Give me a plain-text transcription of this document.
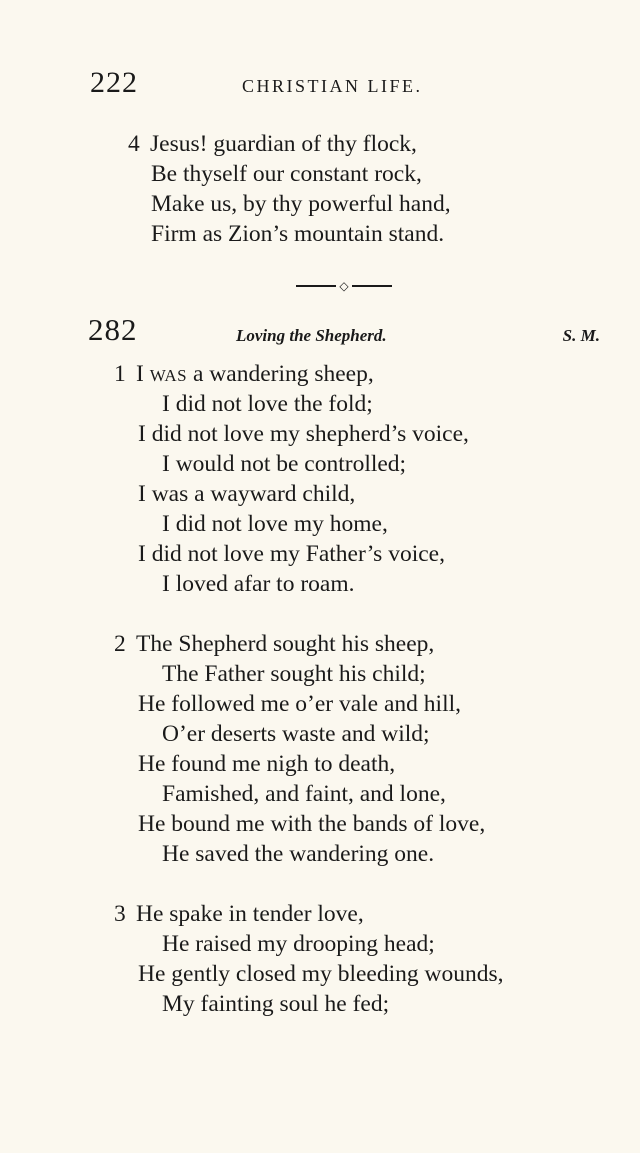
222	CHRISTIAN LIFE.
4 Jesus! guardian of thy flock,
Be thyself our constant rock,
Make us, by thy powerful hand,
Firm as Zion’s mountain stand.
◇
282	Loving the Shepherd.	S. M.
1 I WAS a wandering sheep,
I did not love the fold;
I did not love my shepherd’s voice,
I would not be controlled;
I was a wayward child,
I did not love my home,
I did not love my Father’s voice,
I loved afar to roam.
2 The Shepherd sought his sheep,
The Father sought his child;
He followed me o’er vale and hill,
O’er deserts waste and wild;
He found me nigh to death,
Famished, and faint, and lone,
He bound me with the bands of love,
He saved the wandering one.
3 He spake in tender love,
He raised my drooping head;
He gently closed my bleeding wounds,
My fainting soul he fed;
